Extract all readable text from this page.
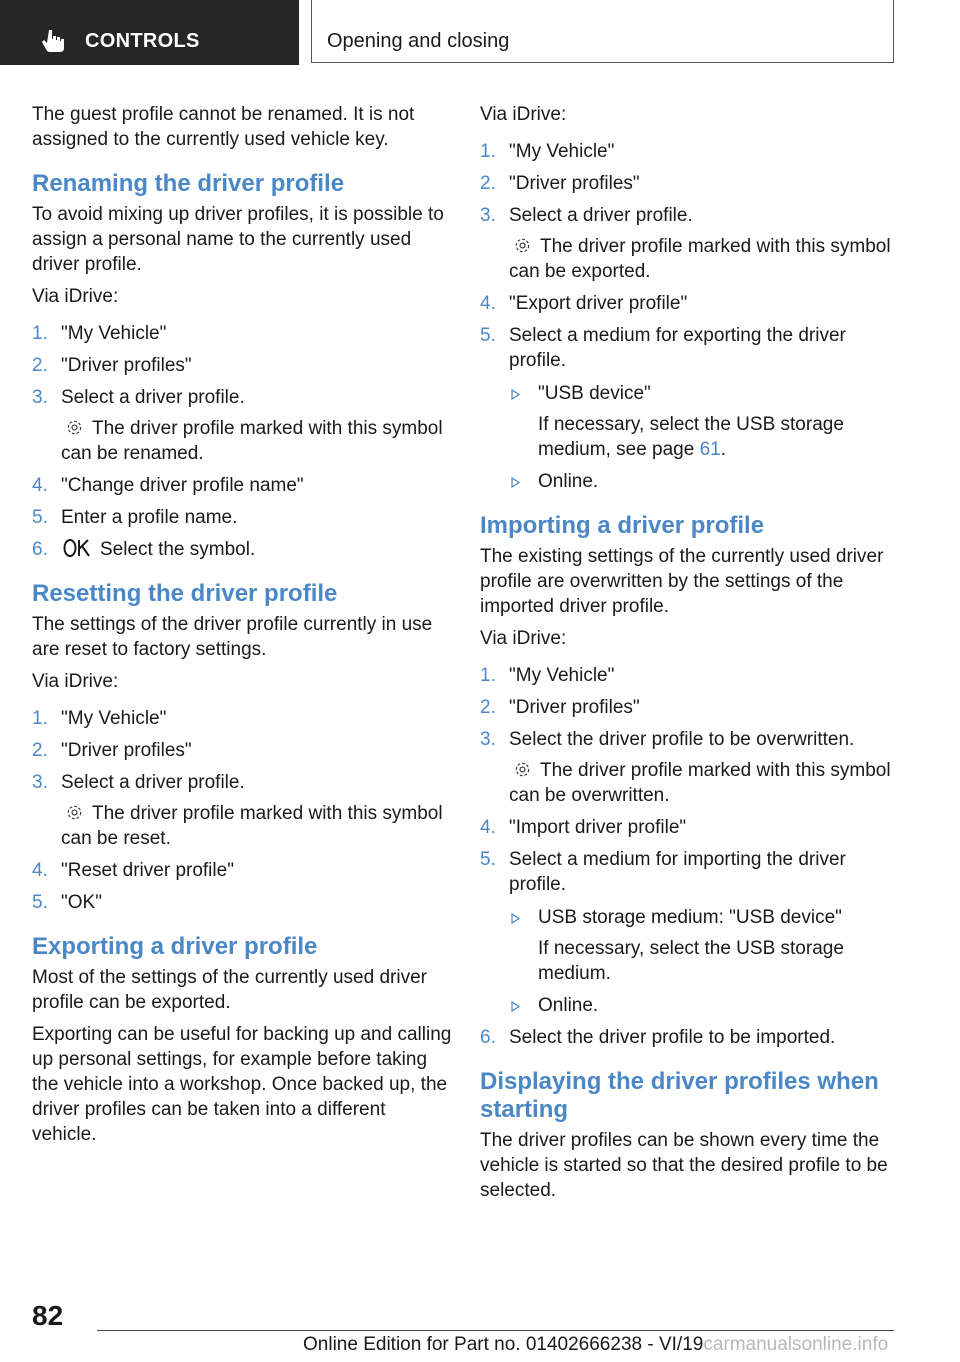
CONTROLS	Opening and closing

The guest profile cannot be renamed. It is not assigned to the currently used vehicle key.

Renaming the driver profile

To avoid mixing up driver profiles, it is possible to assign a personal name to the currently used driver profile.

Via iDrive:

1. "My Vehicle"
2. "Driver profiles"
3. Select a driver profile.
The driver profile marked with this symbol can be renamed.
4. "Change driver profile name"
5. Enter a profile name.
6.	Select the symbol.
Resetting the driver profile

The settings of the driver profile currently in use are reset to factory settings.

Via iDrive:

1. "My Vehicle"
2. "Driver profiles"
3. Select a driver profile.
The driver profile marked with this symbol can be reset.
4. "Reset driver profile"
5. "OK"
Exporting a driver profile

Most of the settings of the currently used driver profile can be exported.

Exporting can be useful for backing up and calling up personal settings, for example before taking the vehicle into a workshop. Once backed up, the driver profiles can be taken into a different vehicle.

Via iDrive:

1. "My Vehicle"
2. "Driver profiles"
3. Select a driver profile.
The driver profile marked with this symbol can be exported.
4. "Export driver profile"
5. Select a medium for exporting the driver profile.
"USB device"
If necessary, select the USB storage medium, see page 61.
Online.
Importing a driver profile

The existing settings of the currently used driver profile are overwritten by the settings of the imported driver profile.

Via iDrive:

1. "My Vehicle"
2. "Driver profiles"
3. Select the driver profile to be overwritten.
The driver profile marked with this symbol can be overwritten.
4. "Import driver profile"
5. Select a medium for importing the driver profile.
USB storage medium: "USB device"
If necessary, select the USB storage medium.
Online.
6. Select the driver profile to be imported.
Displaying the driver profiles when starting

The driver profiles can be shown every time the vehicle is started so that the desired profile to be selected.

82
Online Edition for Part no. 01402666238 - VI/19carmanualsonline.info
